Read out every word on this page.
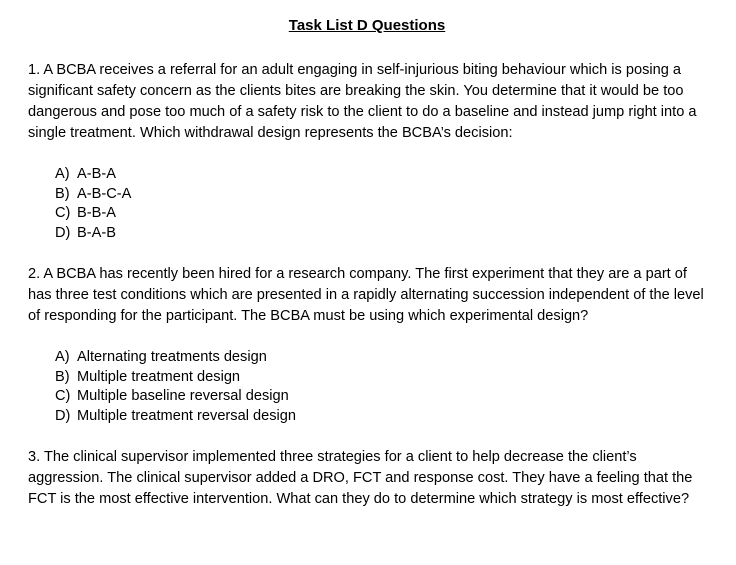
Task List D Questions

1. A BCBA receives a referral for an adult engaging in self-injurious biting behaviour which is posing a significant safety concern as the clients bites are breaking the skin. You determine that it would be too dangerous and pose too much of a safety risk to the client to do a baseline and instead jump right into a single treatment. Which withdrawal design represents the BCBA’s decision:

A) A-B-A
B) A-B-C-A
C) B-B-A
D) B-A-B

2. A BCBA has recently been hired for a research company. The first experiment that they are a part of has three test conditions which are presented in a rapidly alternating succession independent of the level of responding for the participant. The BCBA must be using which experimental design?

A) Alternating treatments design
B) Multiple treatment design
C) Multiple baseline reversal design
D) Multiple treatment reversal design

3. The clinical supervisor implemented three strategies for a client to help decrease the client’s aggression. The clinical supervisor added a DRO, FCT and response cost. They have a feeling that the FCT is the most effective intervention. What can they do to determine which strategy is most effective?
